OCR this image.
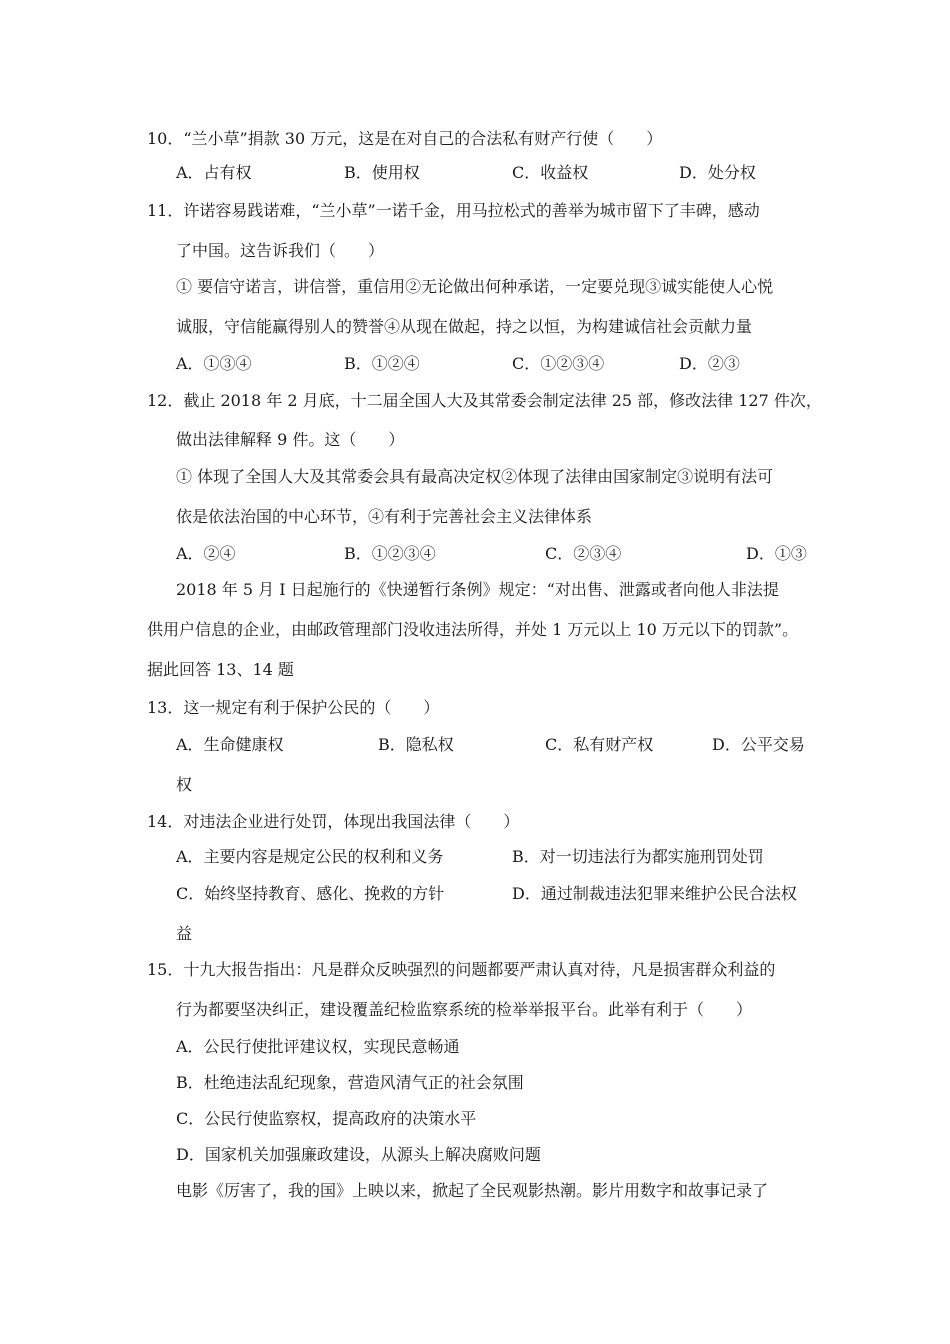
10．“兰小草”捐款 30 万元，这是在对自己的合法私有财产行使（　　）
A．占有权	B．使用权	C．收益权	D．处分权
11．许诺容易践诺难，“兰小草”一诺千金，用马拉松式的善举为城市留下了丰碑，感动
了中国。这告诉我们（　　）
① 要信守诺言，讲信誉，重信用②无论做出何种承诺，一定要兑现③诚实能使人心悦
诚服，守信能赢得别人的赞誉④从现在做起，持之以恒，为构建诚信社会贡献力量
A．①③④	B．①②④	C．①②③④	D．②③
12．截止 2018 年 2 月底，十二届全国人大及其常委会制定法律 25 部，修改法律 127 件次，
做出法律解释 9 件。这（　　）
① 体现了全国人大及其常委会具有最高决定权②体现了法律由国家制定③说明有法可
依是依法治国的中心环节，④有利于完善社会主义法律体系
A．②④	B．①②③④	C．②③④	D．①③
2018 年 5 月 I 日起施行的《快递暂行条例》规定：“对出售、泄露或者向他人非法提
供用户信息的企业，由邮政管理部门没收违法所得，并处 1 万元以上 10 万元以下的罚款”。
据此回答 13、14 题
13．这一规定有利于保护公民的（　　）
A．生命健康权	B．隐私权	C．私有财产权	D．公平交易
权
14．对违法企业进行处罚，体现出我国法律（　　）
A．主要内容是规定公民的权利和义务	B．对一切违法行为都实施刑罚处罚
C．始终坚持教育、感化、挽救的方针	D．通过制裁违法犯罪来维护公民合法权
益
15．十九大报告指出：凡是群众反映强烈的问题都要严肃认真对待，凡是损害群众利益的
行为都要坚决纠正，建设覆盖纪检监察系统的检举举报平台。此举有利于（　　）
A．公民行使批评建议权，实现民意畅通
B．杜绝违法乱纪现象，营造风清气正的社会氛围
C．公民行使监察权，提高政府的决策水平
D．国家机关加强廉政建设，从源头上解决腐败问题
电影《厉害了，我的国》上映以来，掀起了全民观影热潮。影片用数字和故事记录了
